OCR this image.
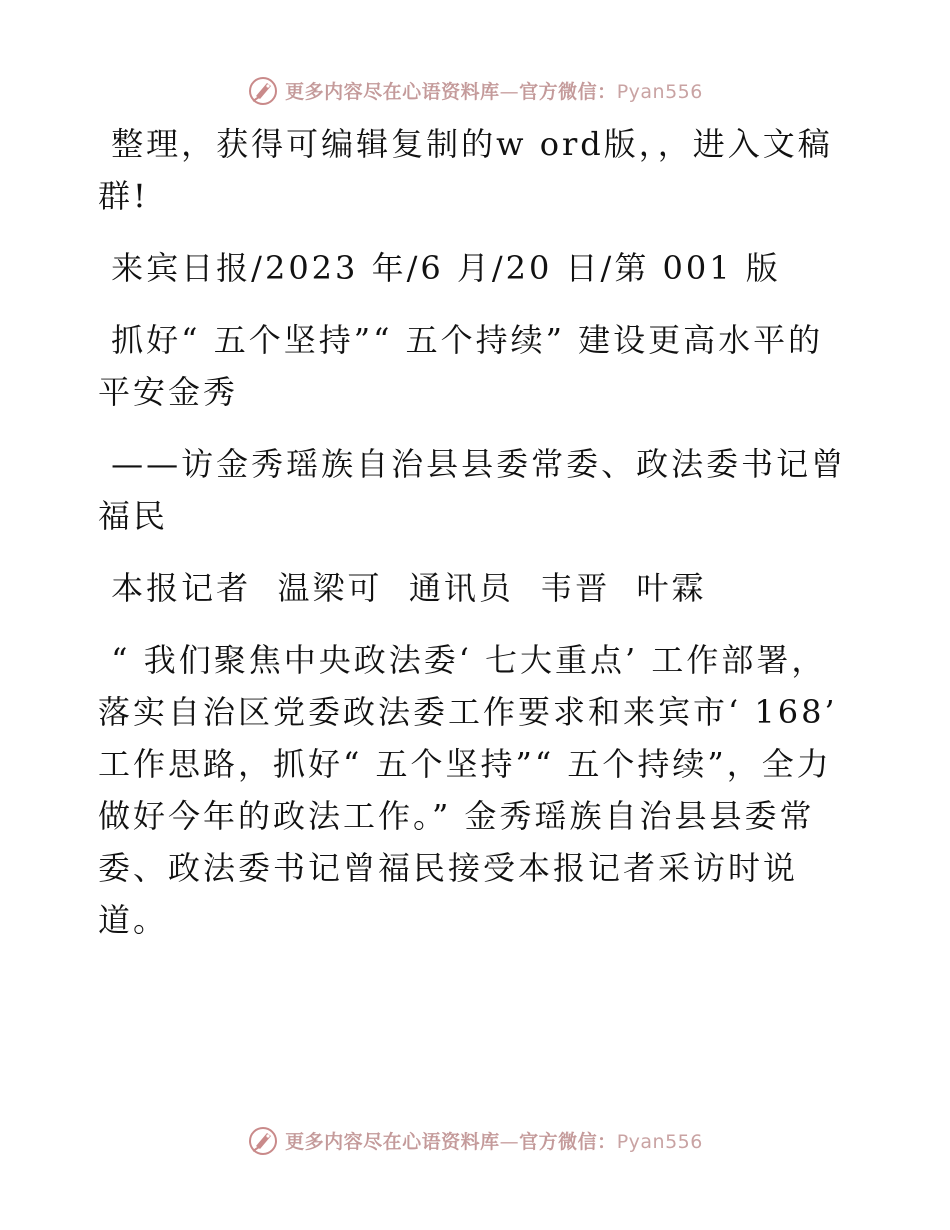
更多内容尽在心语资料库—官方微信：Pyan556

整理，获得可编辑复制的w ord版，，进入文稿群!

来宾日报/2023 年/6 月/20 日/第 001 版

抓好“ 五个坚持”“ 五个持续” 建设更高水平的平安金秀

——访金秀瑶族自治县县委常委、政法委书记曾福民

本报记者  温梁可  通讯员  韦晋  叶霖

“ 我们聚焦中央政法委‘ 七大重点’ 工作部署，落实自治区党委政法委工作要求和来宾市‘ 168’ 工作思路，抓好“ 五个坚持”“ 五个持续”，全力做好今年的政法工作。” 金秀瑶族自治县县委常委、政法委书记曾福民接受本报记者采访时说道。

更多内容尽在心语资料库—官方微信：Pyan556
